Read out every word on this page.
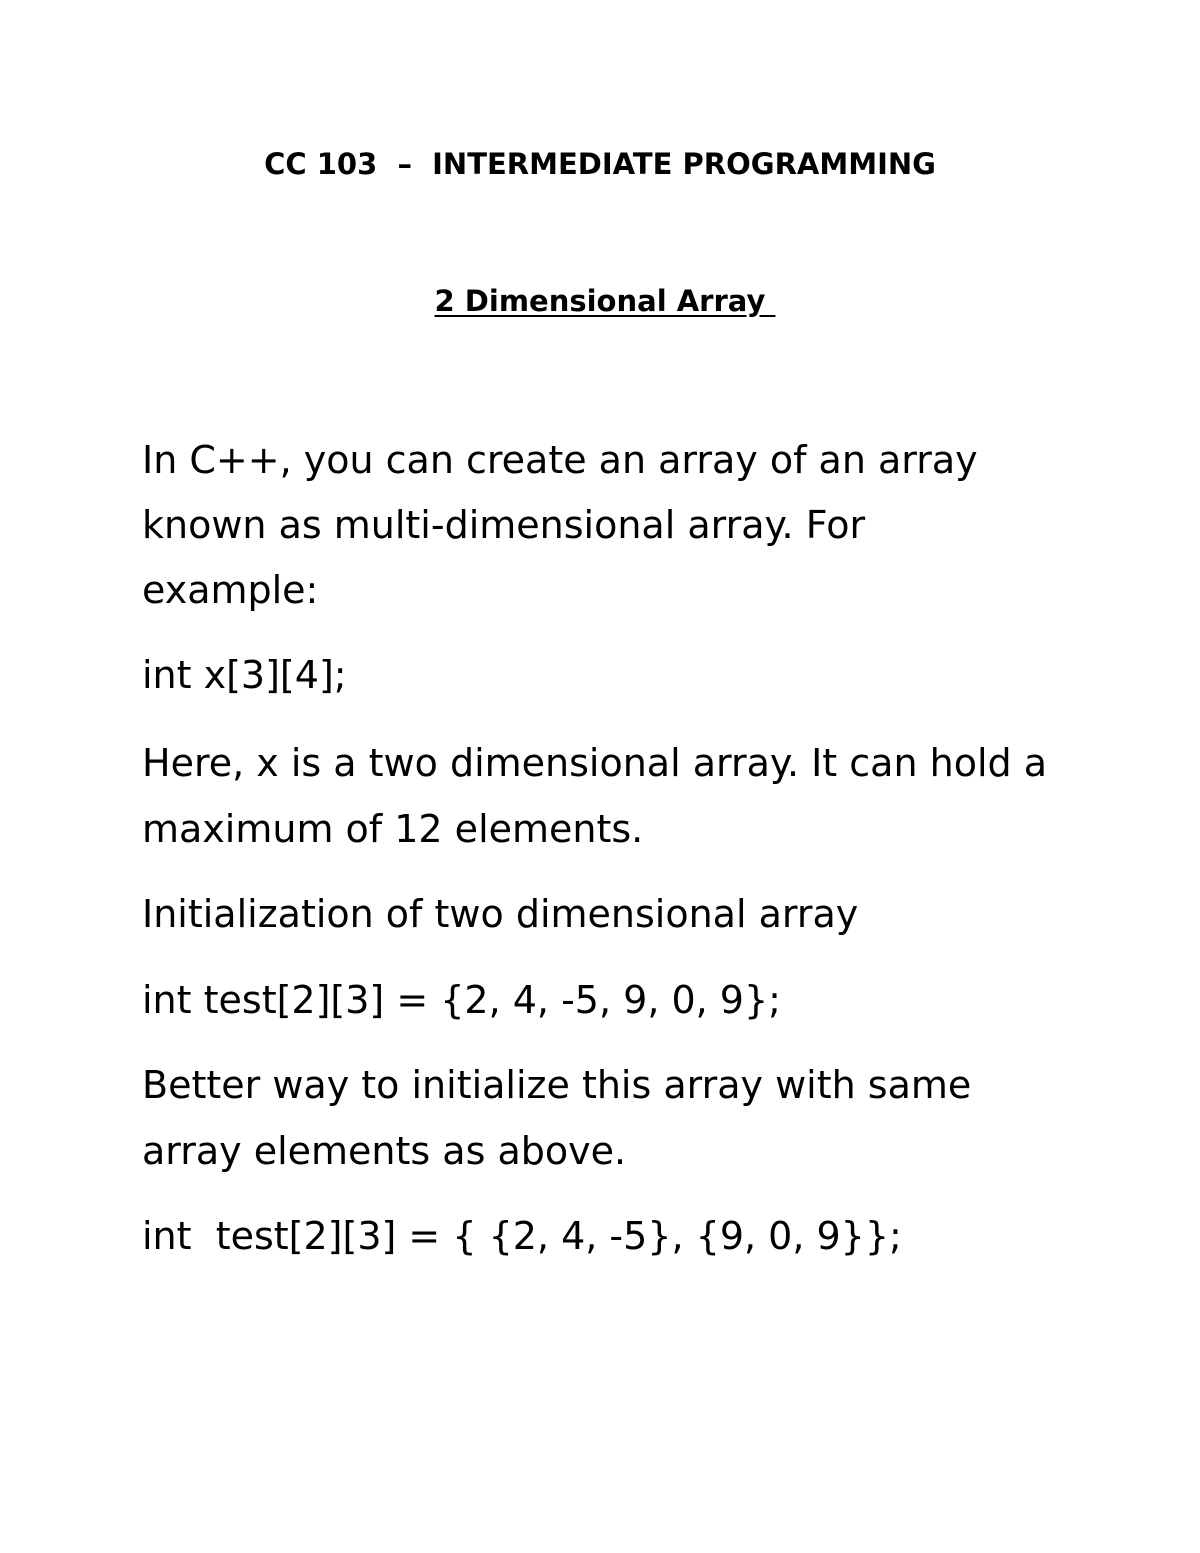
CC 103  –  INTERMEDIATE PROGRAMMING
2 Dimensional Array
In C++, you can create an array of an array
known as multi-dimensional array. For
example:
int x[3][4];
Here, x is a two dimensional array. It can hold a
maximum of 12 elements.
Initialization of two dimensional array
int test[2][3] = {2, 4, -5, 9, 0, 9};
Better way to initialize this array with same
array elements as above.
int  test[2][3] = { {2, 4, -5}, {9, 0, 9}};
